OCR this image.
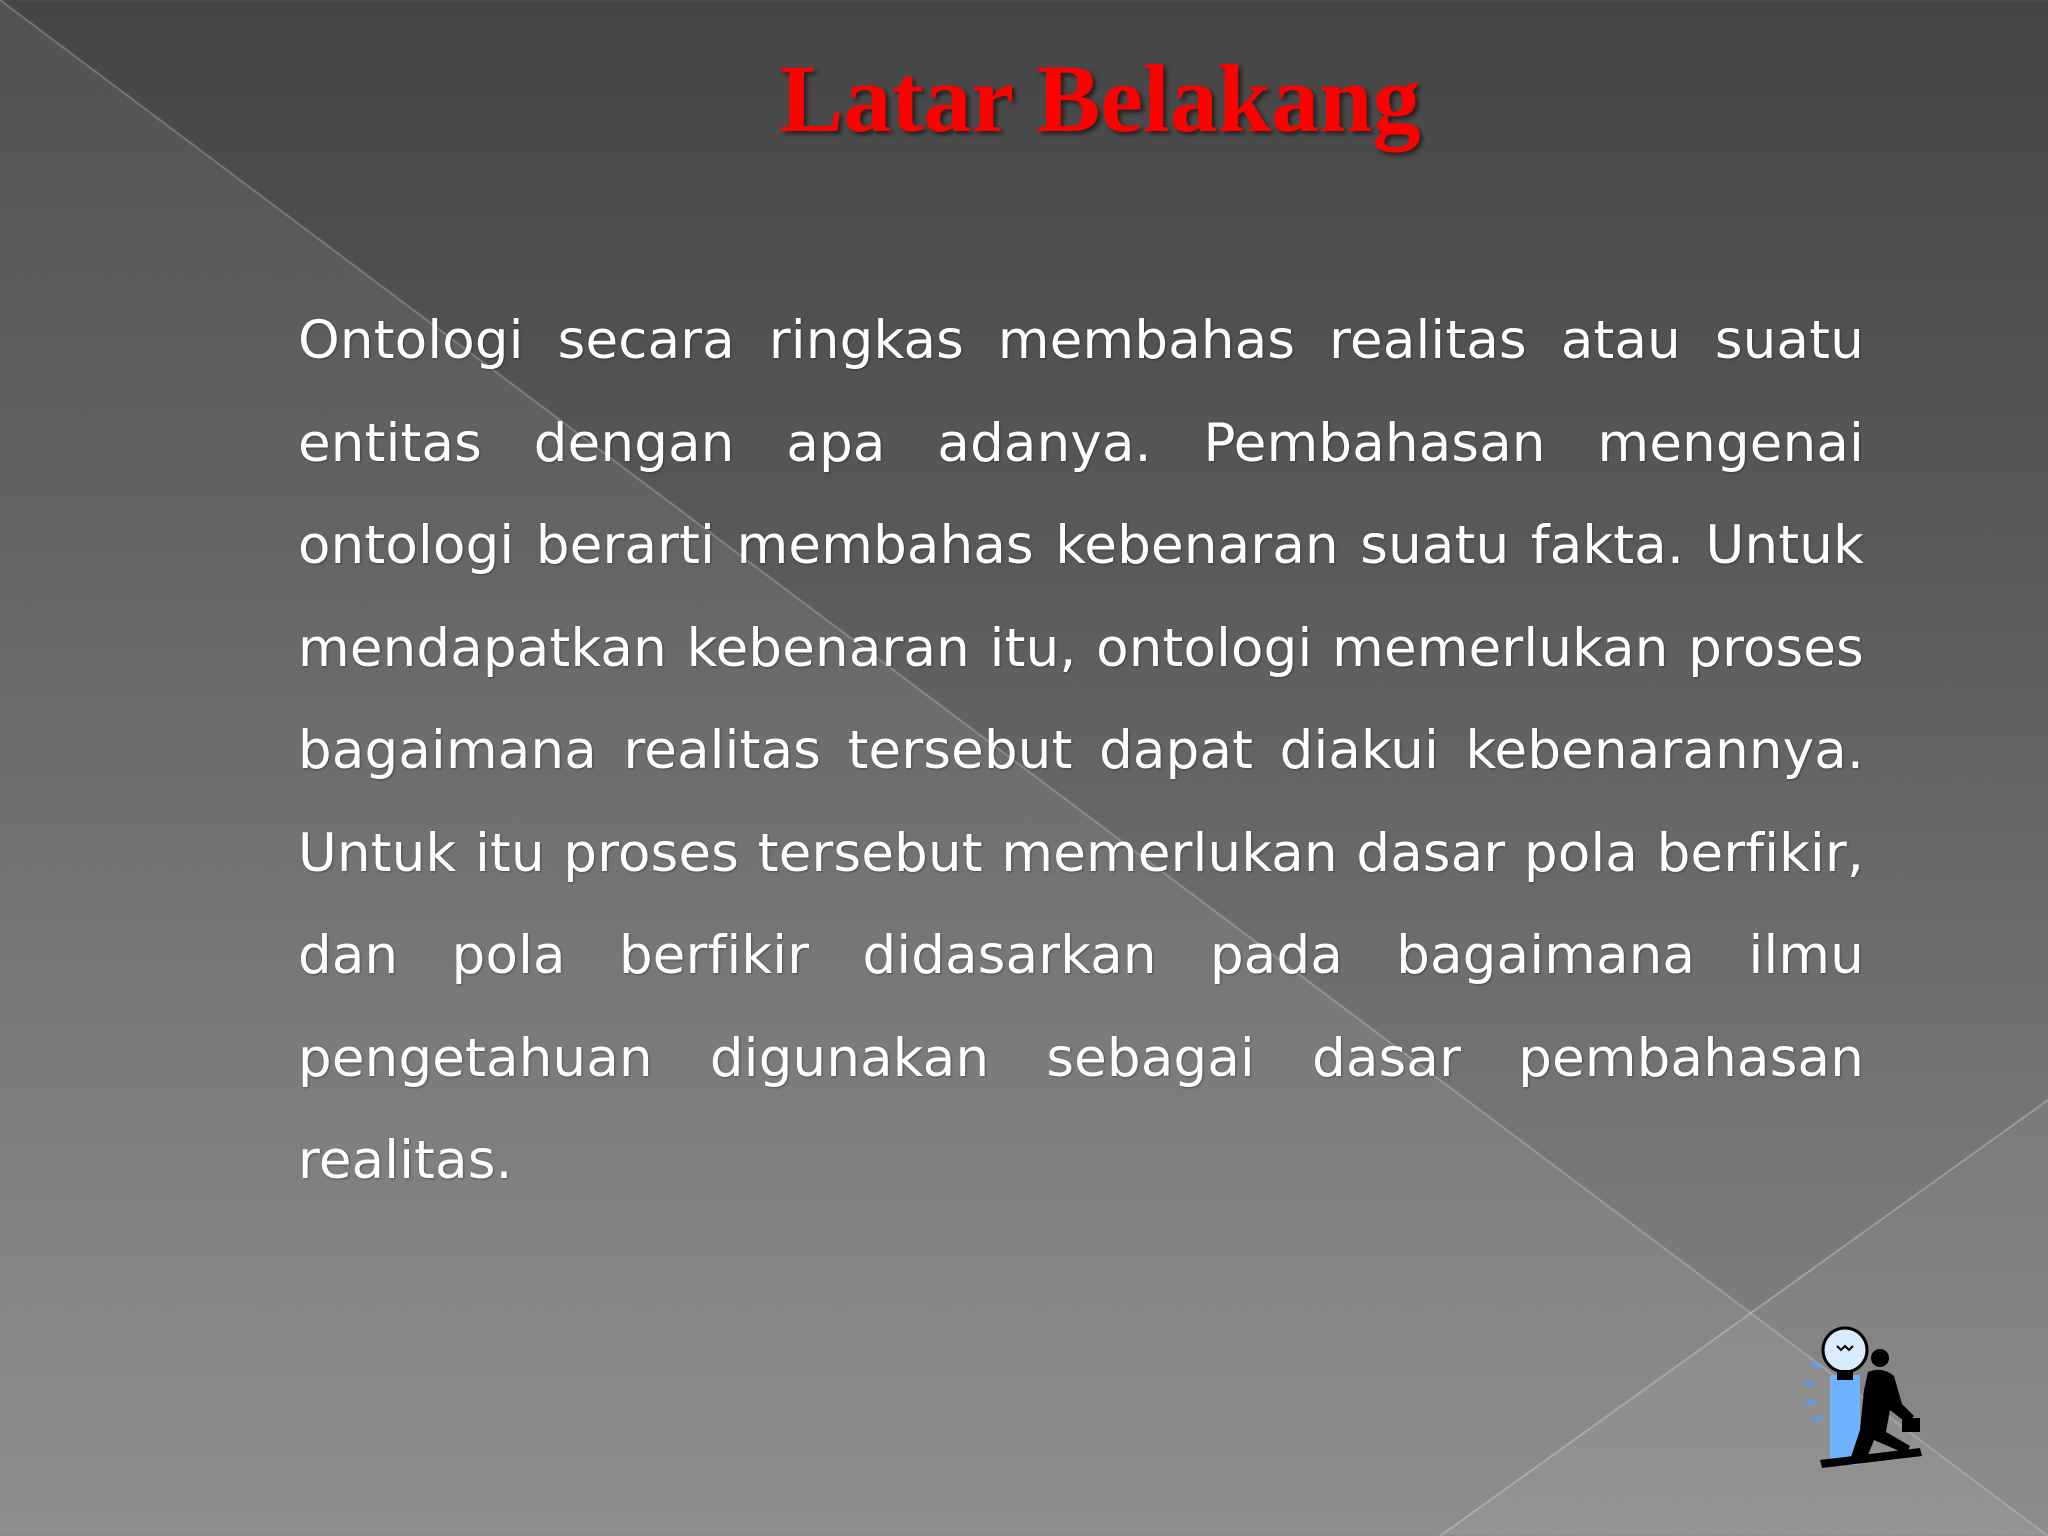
Latar Belakang

Ontologi secara ringkas membahas realitas atau suatu entitas dengan apa adanya. Pembahasan mengenai ontologi berarti membahas kebenaran suatu fakta. Untuk mendapatkan kebenaran itu, ontologi memerlukan proses bagaimana realitas tersebut dapat diakui kebenarannya. Untuk itu proses tersebut memerlukan dasar pola berfikir, dan pola berfikir didasarkan pada bagaimana ilmu pengetahuan digunakan sebagai dasar pembahasan realitas.
